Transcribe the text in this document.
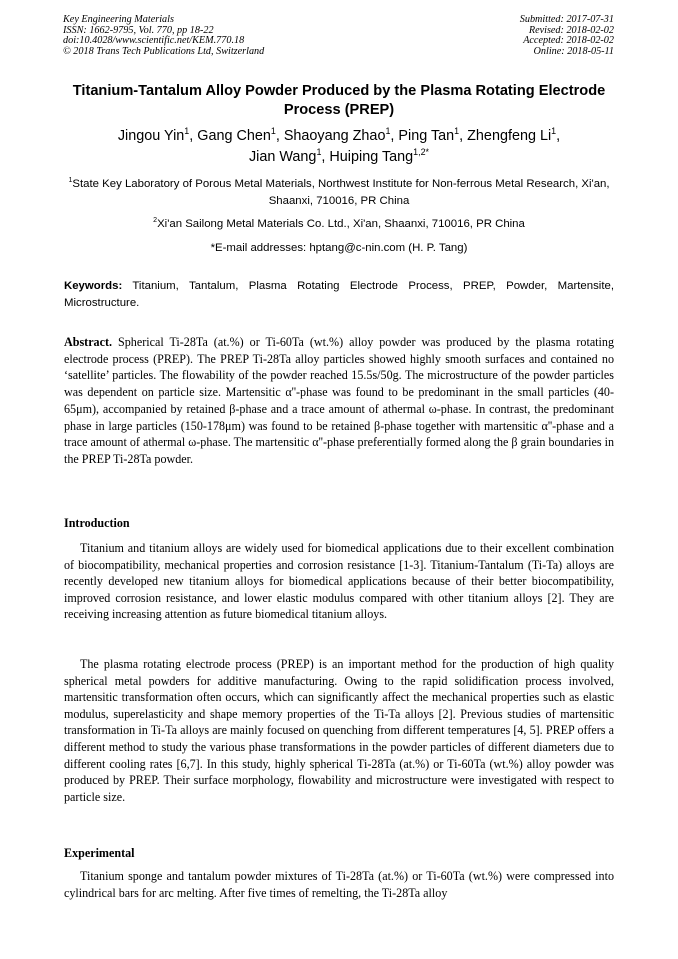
Key Engineering Materials
ISSN: 1662-9795, Vol. 770, pp 18-22
doi:10.4028/www.scientific.net/KEM.770.18
© 2018 Trans Tech Publications Ltd, Switzerland
Submitted: 2017-07-31
Revised: 2018-02-02
Accepted: 2018-02-02
Online: 2018-05-11
Titanium-Tantalum Alloy Powder Produced by the Plasma Rotating Electrode Process (PREP)
Jingou Yin$^1$, Gang Chen$^1$, Shaoyang Zhao$^1$, Ping Tan$^1$, Zhengfeng Li$^1$,
Jian Wang$^1$, Huiping Tang$^{1,2*}$
$^1$State Key Laboratory of Porous Metal Materials, Northwest Institute for Non-ferrous Metal Research, Xi'an, Shaanxi, 710016, PR China
$^2$Xi'an Sailong Metal Materials Co. Ltd., Xi'an, Shaanxi, 710016, PR China
*E-mail addresses: hptang@c-nin.com (H. P. Tang)
Keywords: Titanium, Tantalum, Plasma Rotating Electrode Process, PREP, Powder, Martensite, Microstructure.
Abstract. Spherical Ti-28Ta (at.%) or Ti-60Ta (wt.%) alloy powder was produced by the plasma rotating electrode process (PREP). The PREP Ti-28Ta alloy particles showed highly smooth surfaces and contained no ‘satellite’ particles. The flowability of the powder reached 15.5s/50g. The microstructure of the powder particles was dependent on particle size. Martensitic α''-phase was found to be predominant in the small particles (40-65μm), accompanied by retained β-phase and a trace amount of athermal ω-phase. In contrast, the predominant phase in large particles (150-178μm) was found to be retained β-phase together with martensitic α''-phase and a trace amount of athermal ω-phase. The martensitic α''-phase preferentially formed along the β grain boundaries in the PREP Ti-28Ta powder.
Introduction
Titanium and titanium alloys are widely used for biomedical applications due to their excellent combination of biocompatibility, mechanical properties and corrosion resistance [1-3]. Titanium-Tantalum (Ti-Ta) alloys are recently developed new titanium alloys for biomedical applications because of their better biocompatibility, improved corrosion resistance, and lower elastic modulus compared with other titanium alloys [2]. They are receiving increasing attention as future biomedical titanium alloys.
The plasma rotating electrode process (PREP) is an important method for the production of high quality spherical metal powders for additive manufacturing. Owing to the rapid solidification process involved, martensitic transformation often occurs, which can significantly affect the mechanical properties such as elastic modulus, superelasticity and shape memory properties of the Ti-Ta alloys [2]. Previous studies of martensitic transformation in Ti-Ta alloys are mainly focused on quenching from different temperatures [4, 5]. PREP offers a different method to study the various phase transformations in the powder particles of different diameters due to different cooling rates [6,7]. In this study, highly spherical Ti-28Ta (at.%) or Ti-60Ta (wt.%) alloy powder was produced by PREP. Their surface morphology, flowability and microstructure were investigated with respect to particle size.
Experimental
Titanium sponge and tantalum powder mixtures of Ti-28Ta (at.%) or Ti-60Ta (wt.%) were compressed into cylindrical bars for arc melting. After five times of remelting, the Ti-28Ta alloy
